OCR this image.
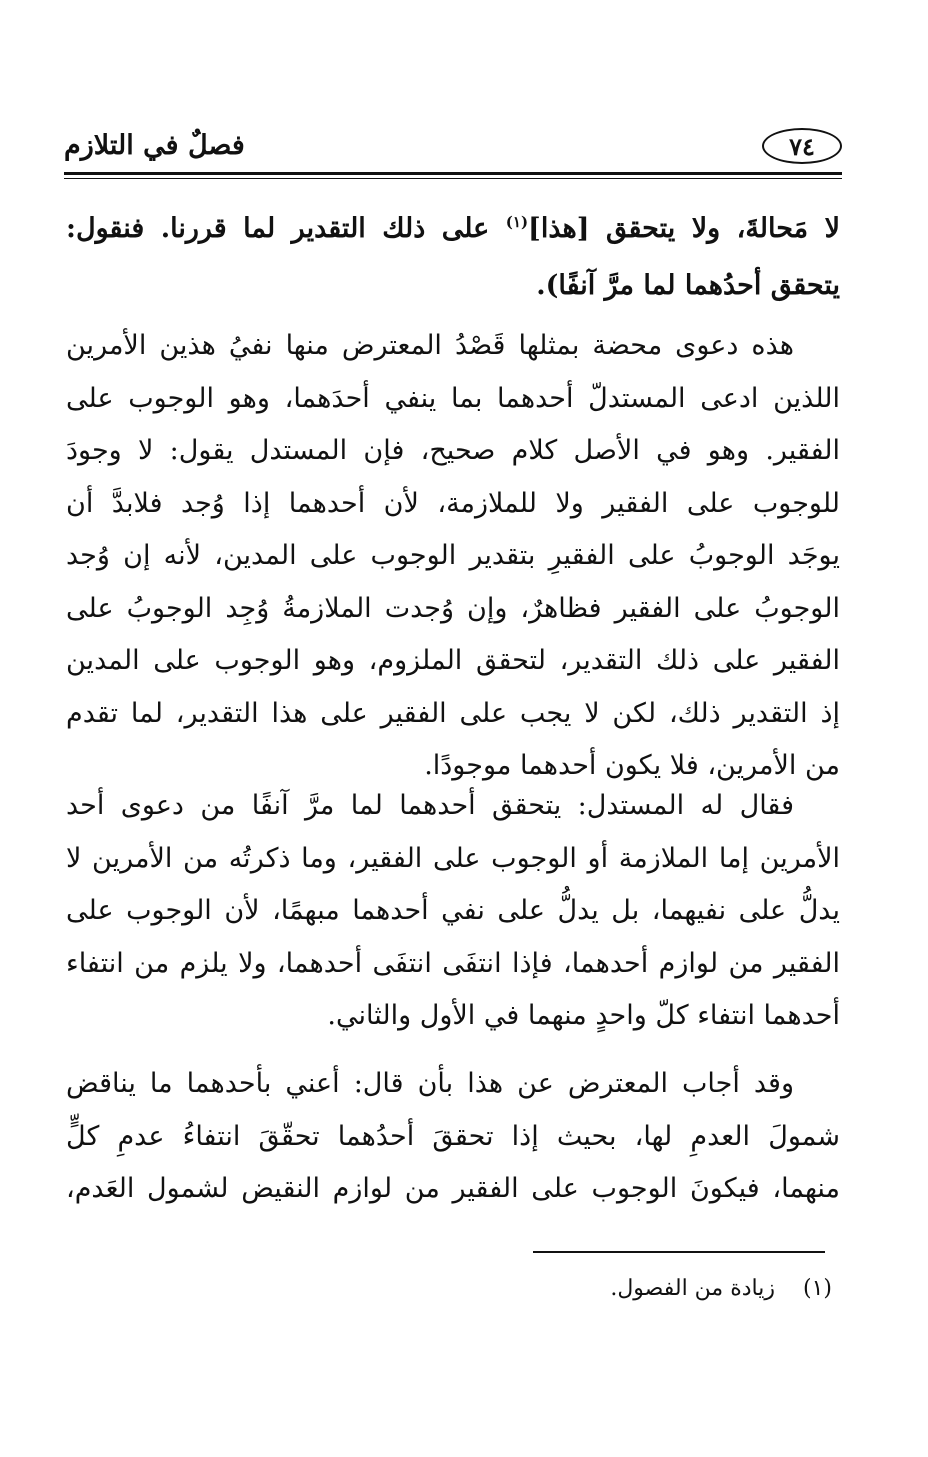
٧٤
فصلٌ في التلازم
لا مَحالةَ، ولا يتحقق [هذا]$^{(١)}$ على ذلك التقدير لما قررنا. فنقول:
يتحقق أحدُهما لما مرَّ آنفًا).
هذه دعوى محضة بمثلها قَصْدُ المعترض منها نفيُ هذين الأمرين
اللذين ادعى المستدلّ أحدهما بما ينفي أحدَهما، وهو الوجوب على
الفقير. وهو في الأصل كلام صحيح، فإن المستدل يقول: لا وجودَ
للوجوب على الفقير ولا للملازمة، لأن أحدهما إذا وُجد فلابدَّ أن
يوجَد الوجوبُ على الفقيرِ بتقدير الوجوب على المدين، لأنه إن وُجد
الوجوبُ على الفقير فظاهرٌ، وإن وُجدت الملازمةُ وُجِد الوجوبُ على
الفقير على ذلك التقدير، لتحقق الملزوم، وهو الوجوب على المدين
إذ التقدير ذلك، لكن لا يجب على الفقير على هذا التقدير، لما تقدم
من الأمرين، فلا يكون أحدهما موجودًا.
فقال له المستدل: يتحقق أحدهما لما مرَّ آنفًا من دعوى أحد
الأمرين إما الملازمة أو الوجوب على الفقير، وما ذكرتُه من الأمرين لا
يدلُّ على نفيهما، بل يدلُّ على نفي أحدهما مبهمًا، لأن الوجوب على
الفقير من لوازم أحدهما، فإذا انتفَى انتفَى أحدهما، ولا يلزم من انتفاء
أحدهما انتفاء كلّ واحدٍ منهما في الأول والثاني.
وقد أجاب المعترض عن هذا بأن قال: أعني بأحدهما ما يناقض
شمولَ العدمِ لها، بحيث إذا تحققَ أحدُهما تحقّقَ انتفاءُ عدمِ كلٍّ
منهما، فيكونَ الوجوب على الفقير من لوازم النقيض لشمول العَدم،
(١)    زيادة من الفصول.
